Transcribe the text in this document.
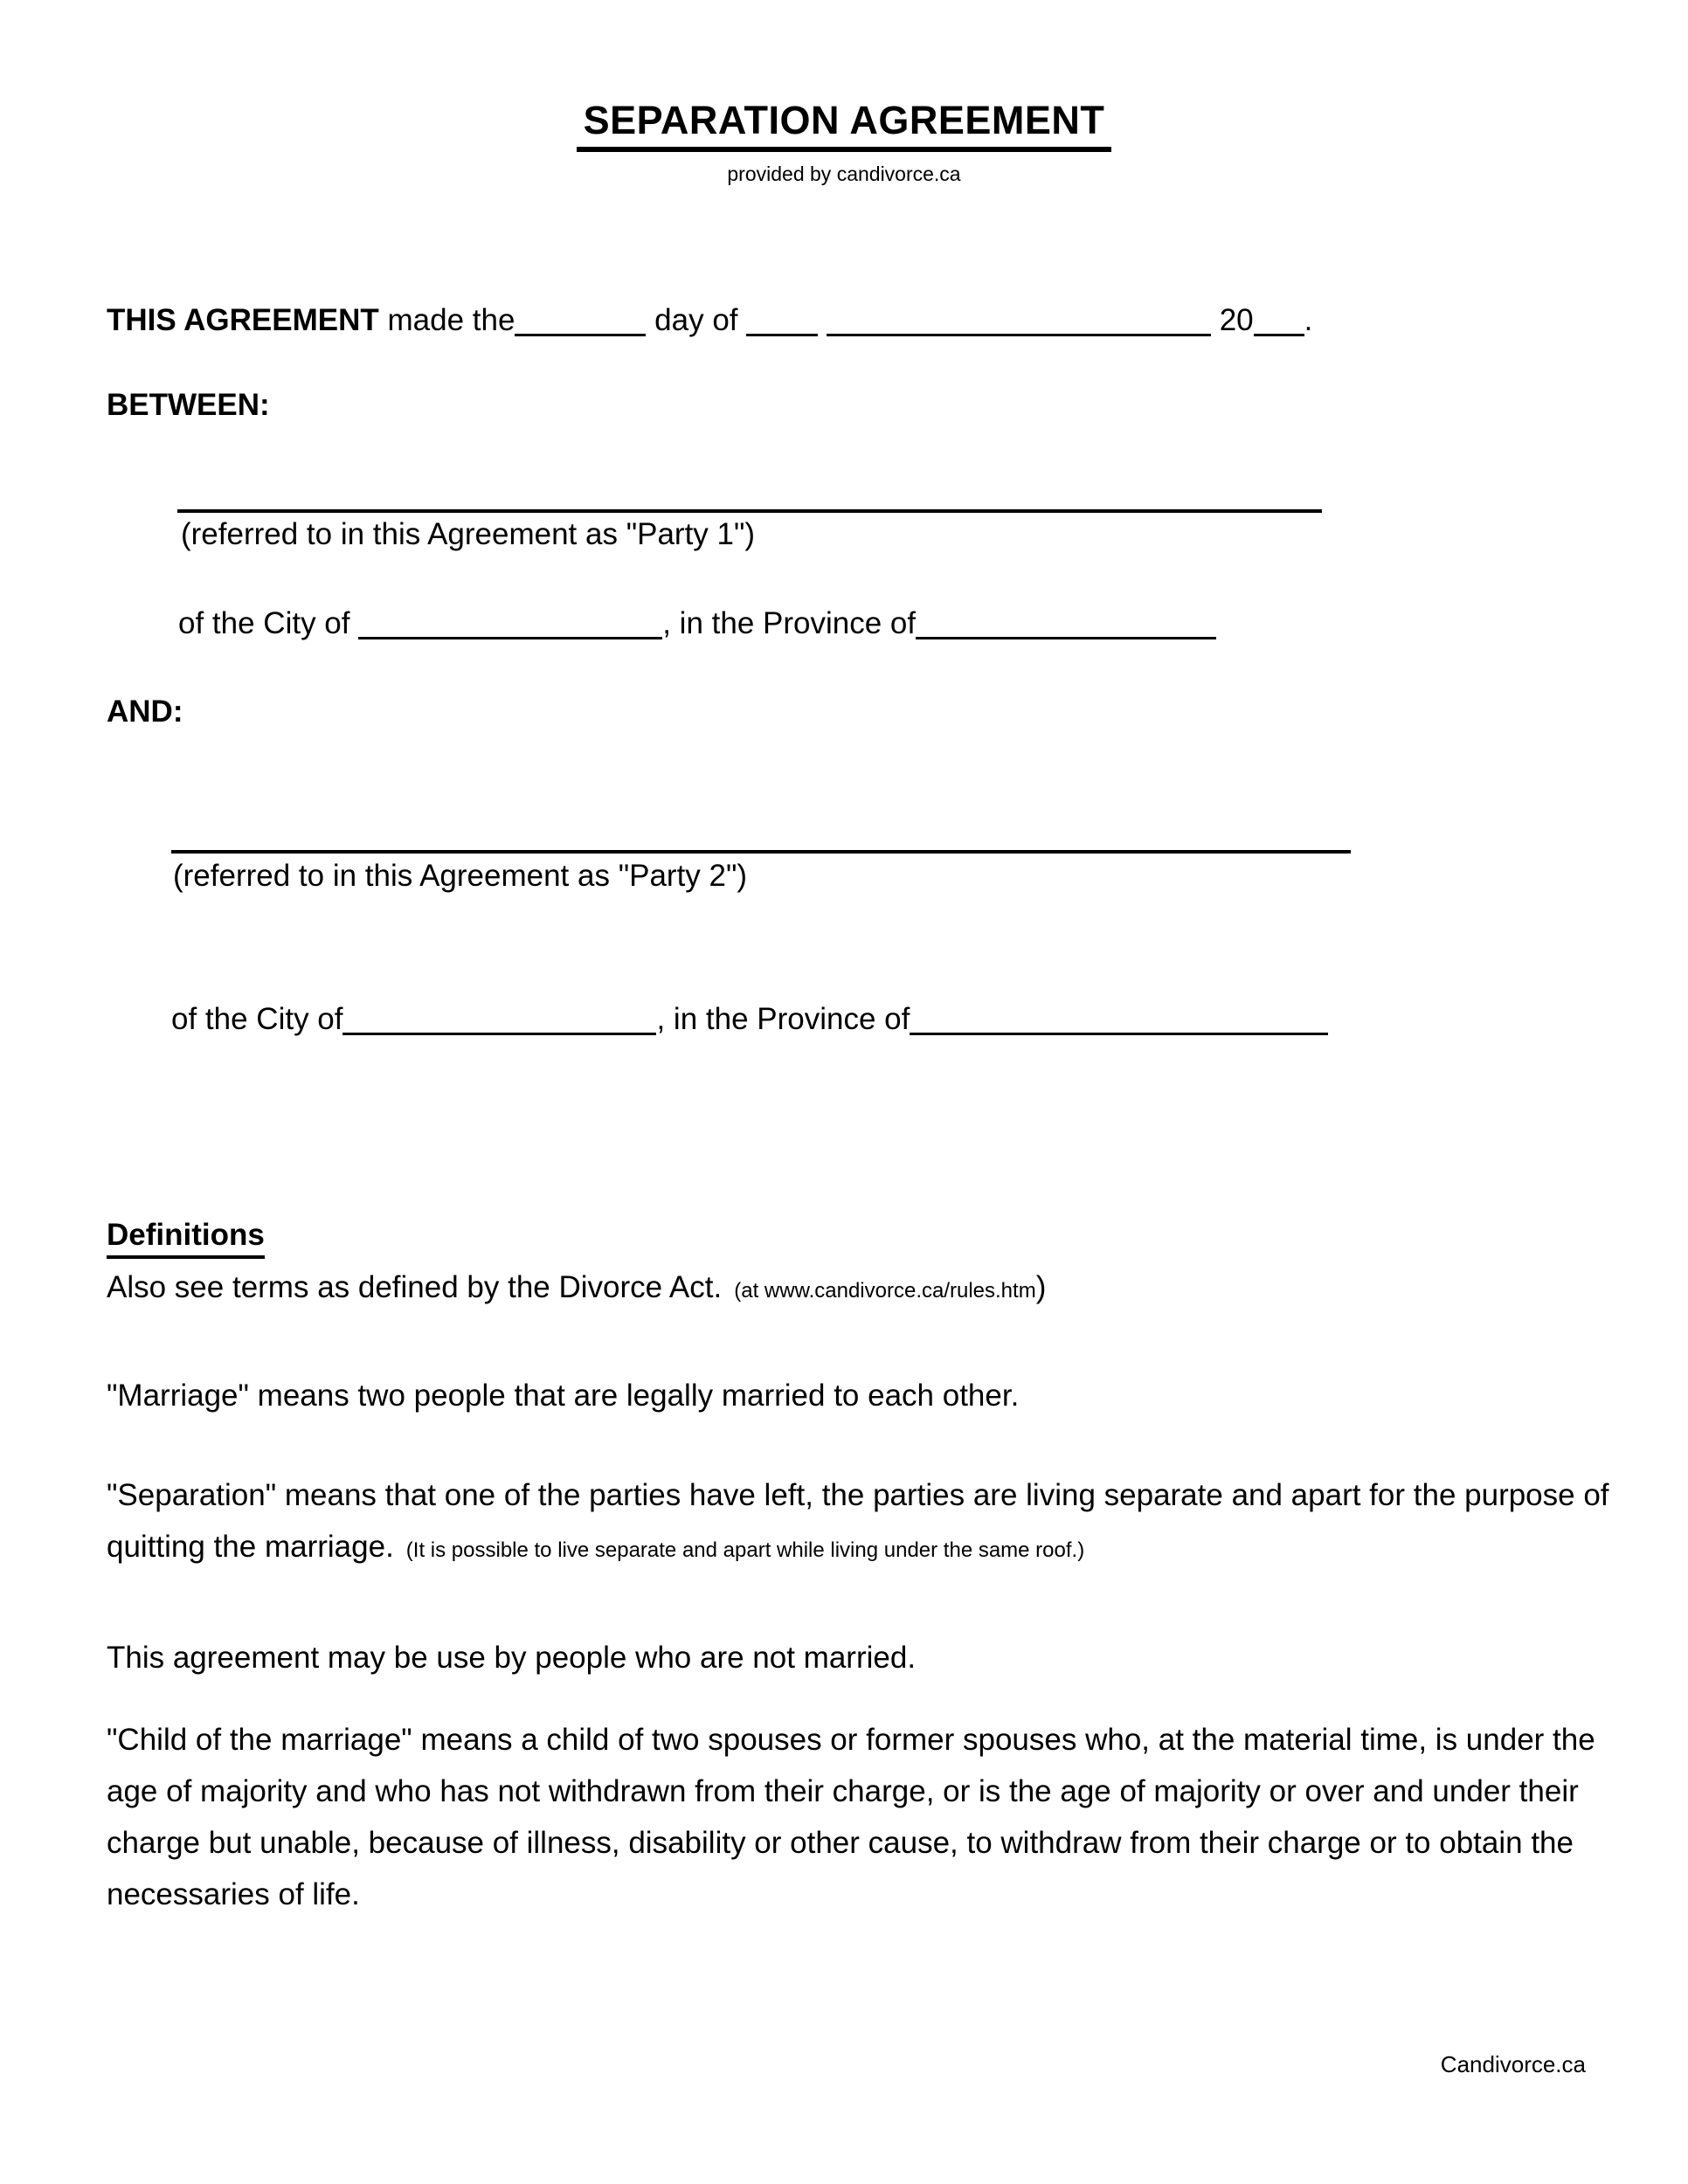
SEPARATION AGREEMENT
provided by candivorce.ca
THIS AGREEMENT made the	day of	20 .
BETWEEN:
(referred to in this Agreement as "Party 1")
of the City of	, in the Province of
AND:
(referred to in this Agreement as "Party 2")
of the City of	, in the Province of
Definitions
Also see terms as defined by the Divorce Act. (at www.candivorce.ca/rules.htm)
"Marriage" means two people that are legally married to each other.
"Separation" means that one of the parties have left, the parties are living separate and apart for the purpose of quitting the marriage. (It is possible to live separate and apart while living under the same roof.)
This agreement may be use by people who are not married.
"Child of the marriage" means a child of two spouses or former spouses who, at the material time, is under the age of majority and who has not withdrawn from their charge, or is the age of majority or over and under their charge but unable, because of illness, disability or other cause, to withdraw from their charge or to obtain the necessaries of life.
Candivorce.ca
